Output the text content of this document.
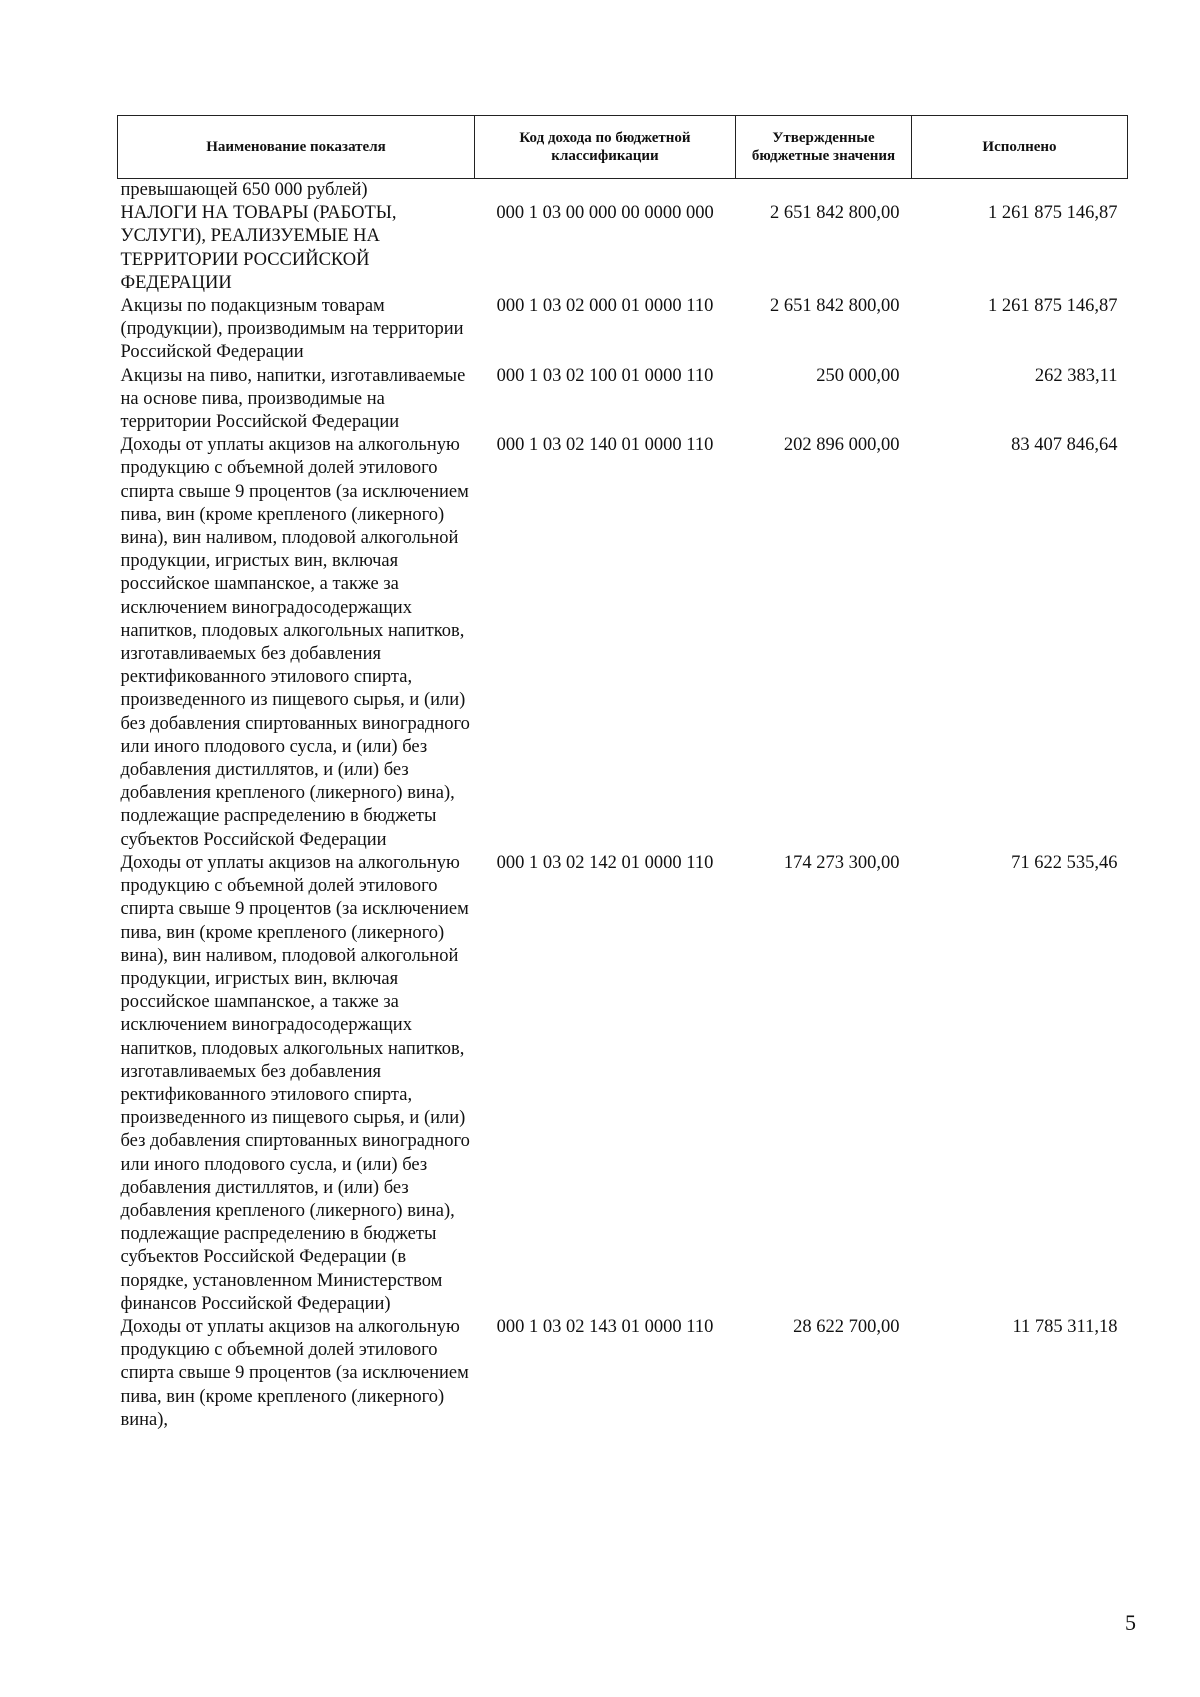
Наименование показателя	Код дохода по бюджетной классификации	Утвержденные бюджетные значения	Исполнено
превышающей 650 000 рублей)			
НАЛОГИ НА ТОВАРЫ (РАБОТЫ, УСЛУГИ), РЕАЛИЗУЕМЫЕ НА ТЕРРИТОРИИ РОССИЙСКОЙ ФЕДЕРАЦИИ	000 1 03 00 000 00 0000 000	2 651 842 800,00	1 261 875 146,87
Акцизы по подакцизным товарам (продукции), производимым на территории Российской Федерации	000 1 03 02 000 01 0000 110	2 651 842 800,00	1 261 875 146,87
Акцизы на пиво, напитки, изготавливаемые на основе пива, производимые на территории Российской Федерации	000 1 03 02 100 01 0000 110	250 000,00	262 383,11
Доходы от уплаты акцизов на алкогольную продукцию с объемной долей этилового спирта свыше 9 процентов (за исключением пива, вин (кроме крепленого (ликерного) вина), вин наливом, плодовой алкогольной продукции, игристых вин, включая российское шампанское, а также за исключением виноградосодержащих напитков, плодовых алкогольных напитков, изготавливаемых без добавления ректификованного этилового спирта, произведенного из пищевого сырья, и (или) без добавления спиртованных виноградного или иного плодового сусла, и (или) без добавления дистиллятов, и (или) без добавления крепленого (ликерного) вина), подлежащие распределению в бюджеты субъектов Российской Федерации	000 1 03 02 140 01 0000 110	202 896 000,00	83 407 846,64
Доходы от уплаты акцизов на алкогольную продукцию с объемной долей этилового спирта свыше 9 процентов (за исключением пива, вин (кроме крепленого (ликерного) вина), вин наливом, плодовой алкогольной продукции, игристых вин, включая российское шампанское, а также за исключением виноградосодержащих напитков, плодовых алкогольных напитков, изготавливаемых без добавления ректификованного этилового спирта, произведенного из пищевого сырья, и (или) без добавления спиртованных виноградного или иного плодового сусла, и (или) без добавления дистиллятов, и (или) без добавления крепленого (ликерного) вина), подлежащие распределению в бюджеты субъектов Российской Федерации (в порядке, установленном Министерством финансов Российской Федерации)	000 1 03 02 142 01 0000 110	174 273 300,00	71 622 535,46
Доходы от уплаты акцизов на алкогольную продукцию с объемной долей этилового спирта свыше 9 процентов (за исключением пива, вин (кроме крепленого (ликерного) вина),	000 1 03 02 143 01 0000 110	28 622 700,00	11 785 311,18
5
